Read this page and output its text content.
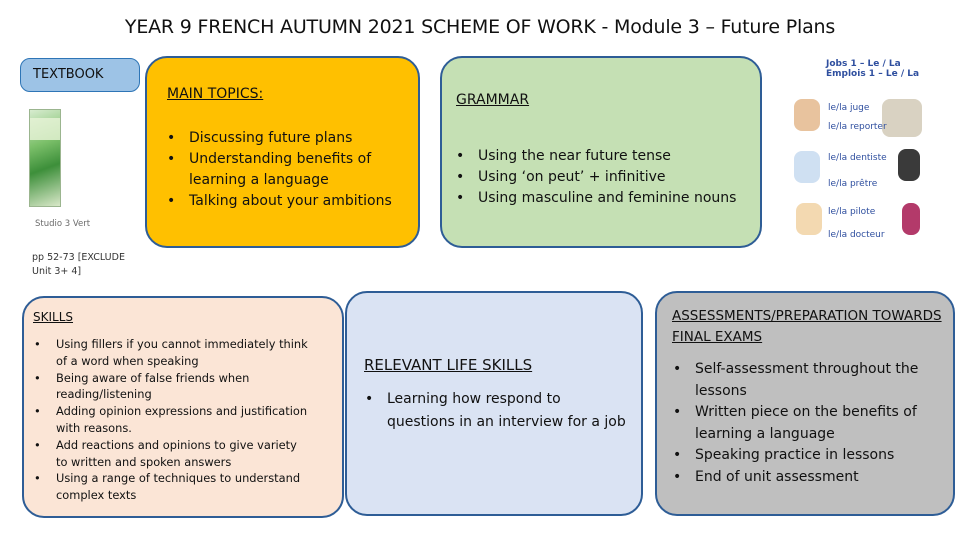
YEAR 9 FRENCH AUTUMN 2021 SCHEME OF WORK - Module 3 – Future Plans
TEXTBOOK
Studio 3 Vert
pp 52-73 [EXCLUDE Unit 3+ 4]
MAIN TOPICS:
• Discussing future plans
• Understanding benefits of learning a language
• Talking about your ambitions
GRAMMAR
• Using the near future tense
• Using ‘on peut’ + infinitive
• Using masculine and feminine nouns
Jobs 1 – Le / La
Emplois 1 – Le / La
le/la juge
le/la reporter
le/la dentiste
le/la prêtre
le/la pilote
le/la docteur
SKILLS
• Using fillers if you cannot immediately think of a word when speaking
• Being aware of false friends when reading/listening
• Adding opinion expressions and justification with reasons.
• Add reactions and opinions to give variety to written and spoken answers
• Using a range of techniques to understand complex texts
RELEVANT LIFE SKILLS
• Learning how respond to questions in an interview for a job
ASSESSMENTS/PREPARATION TOWARDS FINAL EXAMS
• Self-assessment throughout the lessons
• Written piece on the benefits of learning a language
• Speaking practice in lessons
• End of unit assessment
